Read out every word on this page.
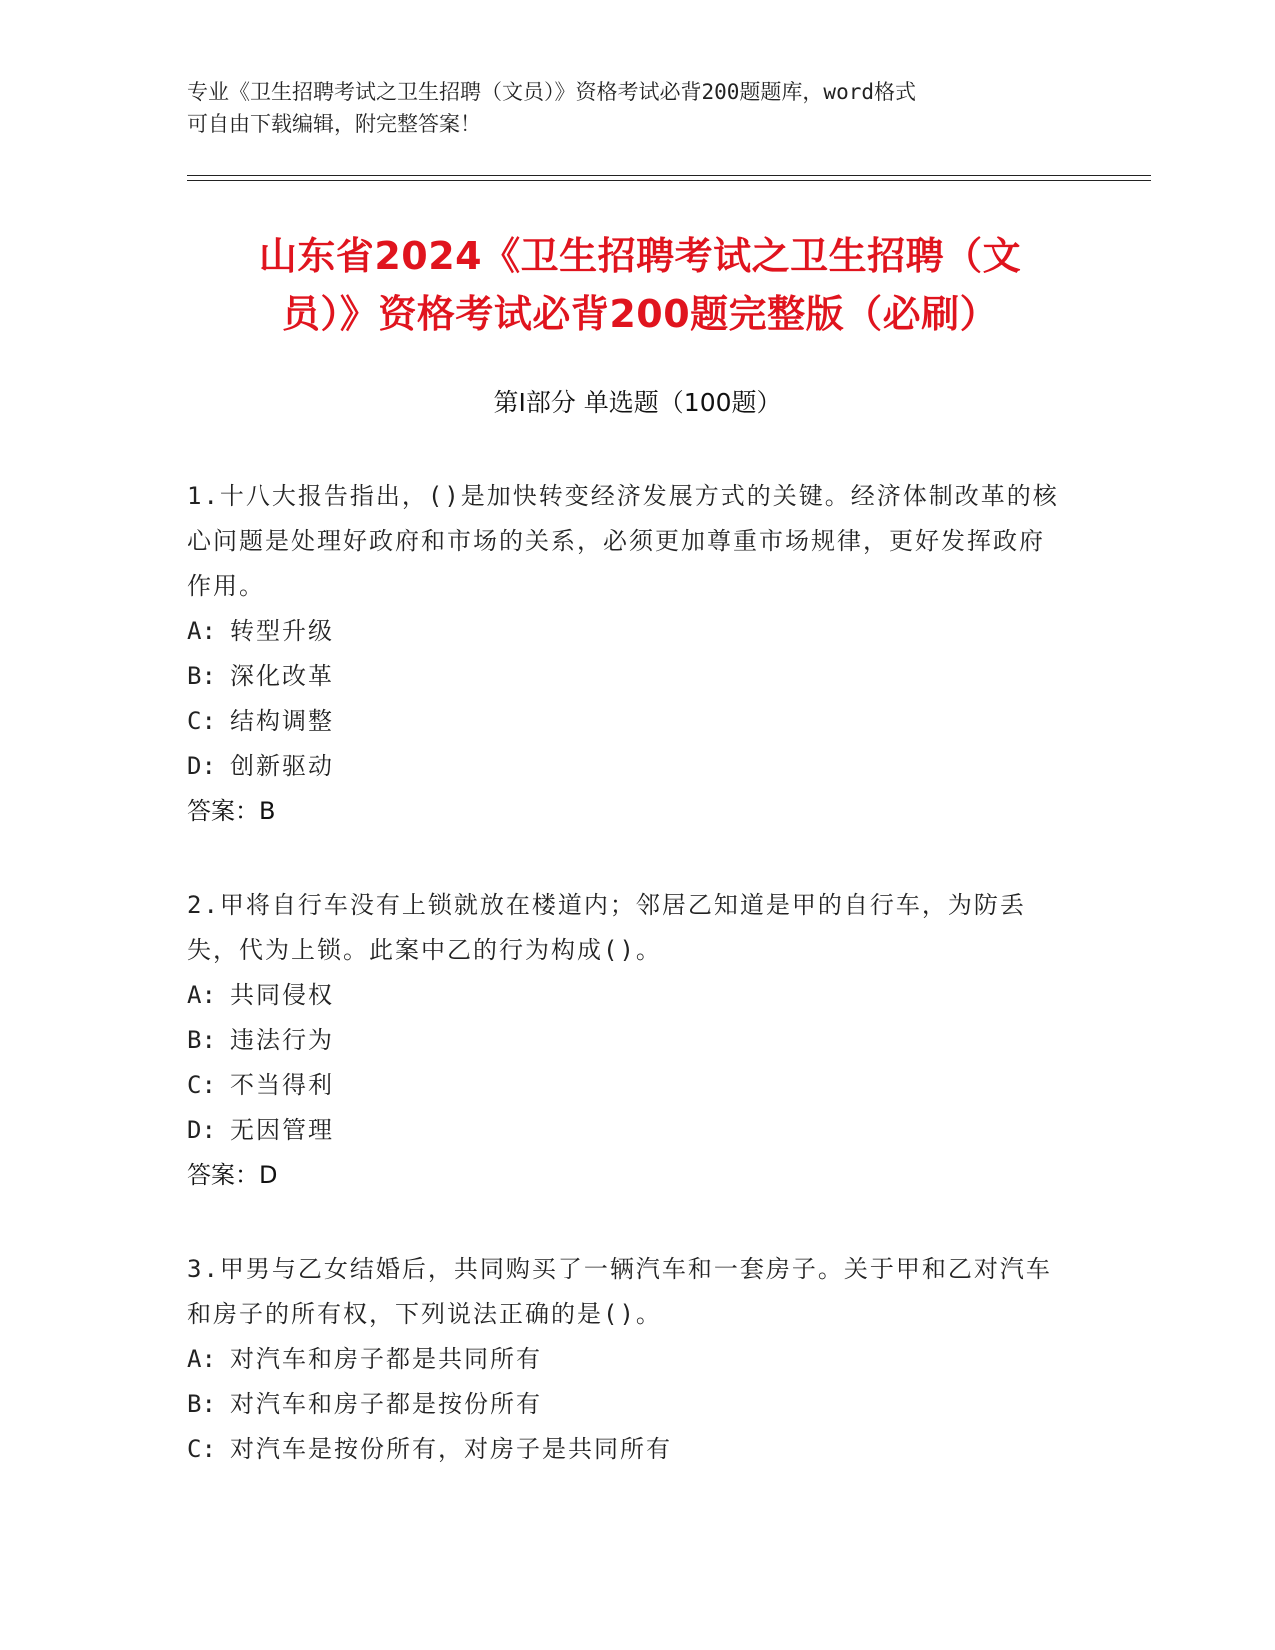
专业《卫生招聘考试之卫生招聘（文员）》资格考试必背200题题库，word格式
可自由下载编辑，附完整答案！
山东省2024《卫生招聘考试之卫生招聘（文
员）》资格考试必背200题完整版（必刷）
第Ⅰ部分 单选题（100题）
1.十八大报告指出，()是加快转变经济发展方式的关键。经济体制改革的核心问题是处理好政府和市场的关系，必须更加尊重市场规律，更好发挥政府作用。
A: 转型升级
B: 深化改革
C: 结构调整
D: 创新驱动
答案：B
2.甲将自行车没有上锁就放在楼道内；邻居乙知道是甲的自行车，为防丢失，代为上锁。此案中乙的行为构成()。
A: 共同侵权
B: 违法行为
C: 不当得利
D: 无因管理
答案：D
3.甲男与乙女结婚后，共同购买了一辆汽车和一套房子。关于甲和乙对汽车和房子的所有权，下列说法正确的是()。
A: 对汽车和房子都是共同所有
B: 对汽车和房子都是按份所有
C: 对汽车是按份所有，对房子是共同所有
